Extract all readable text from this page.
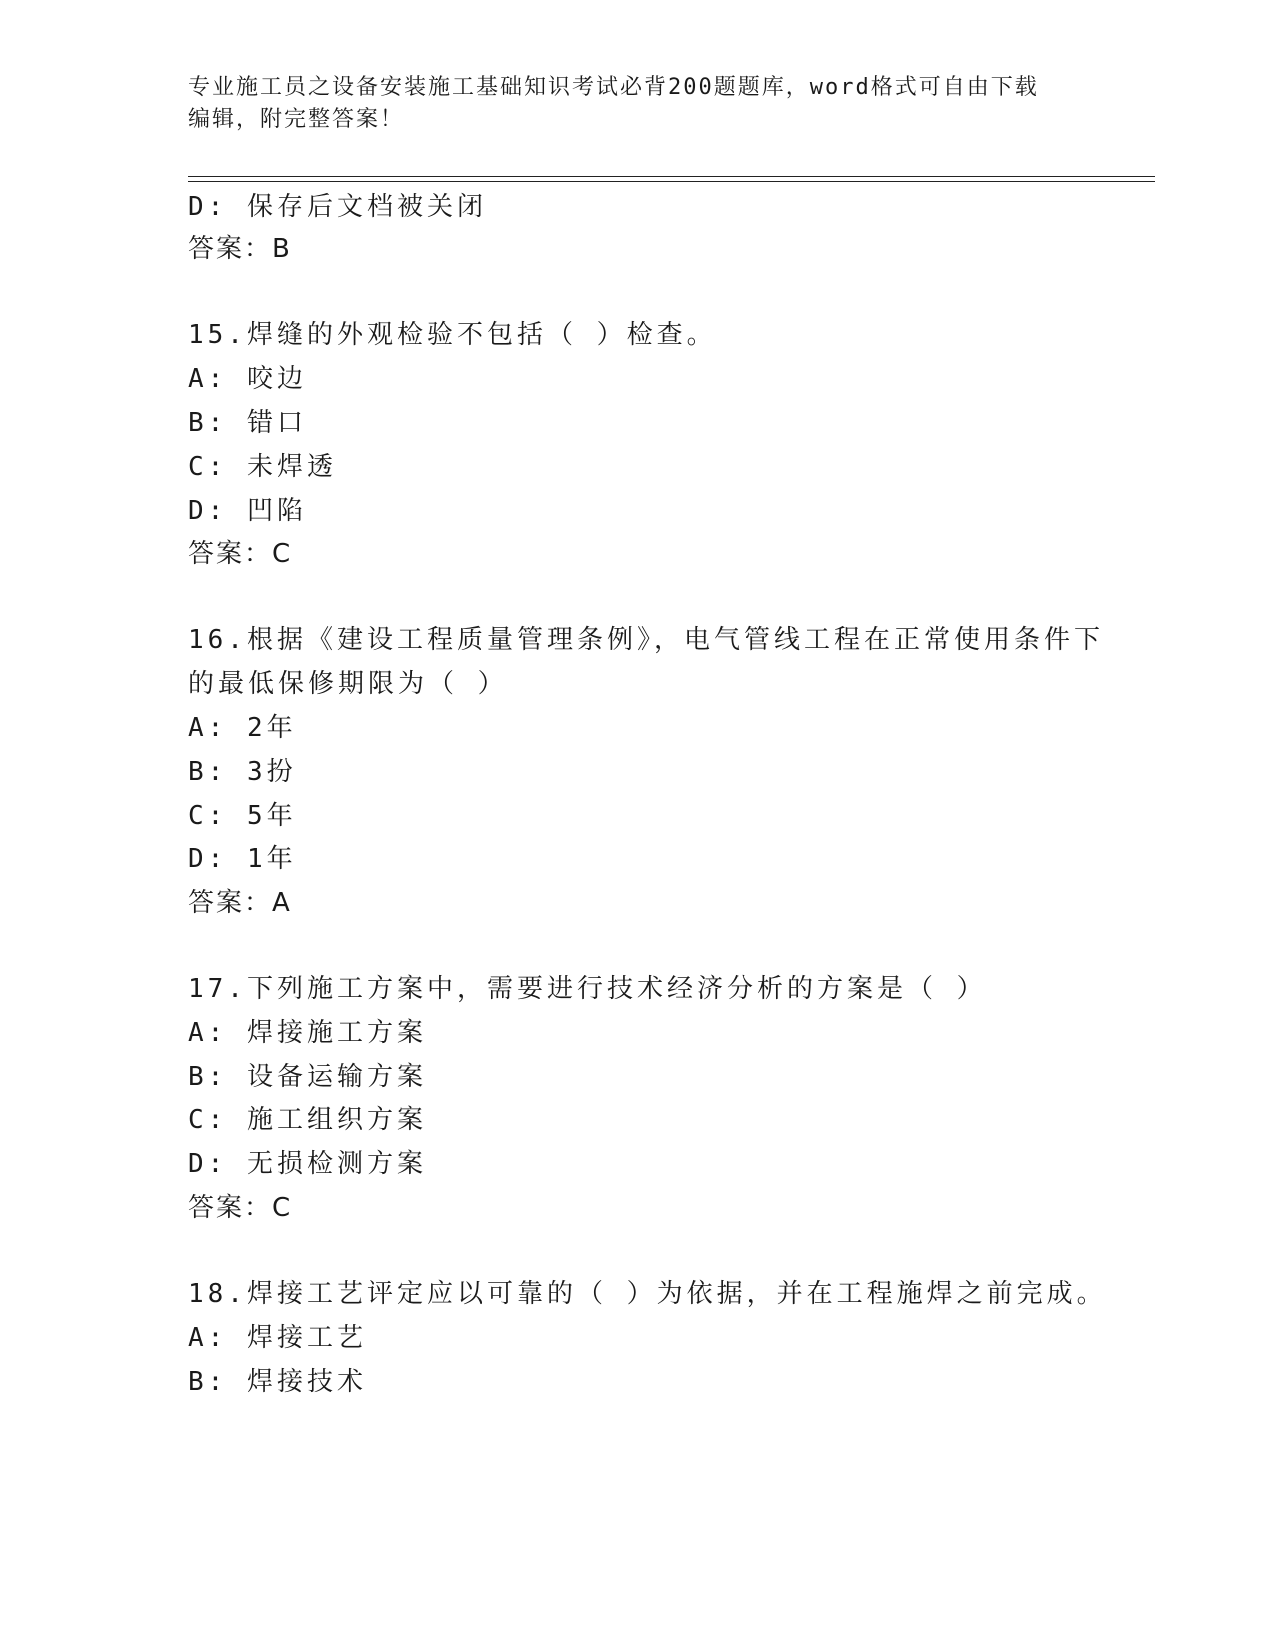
专业施工员之设备安装施工基础知识考试必背200题题库，word格式可自由下载
编辑，附完整答案！
D: 保存后文档被关闭
答案：B
15.焊缝的外观检验不包括（ ）检查。
A: 咬边
B: 错口
C: 未焊透
D: 凹陷
答案：C
16.根据《建设工程质量管理条例》，电气管线工程在正常使用条件下
的最低保修期限为（ ）
A: 2年
B: 3扮
C: 5年
D: 1年
答案：A
17.下列施工方案中，需要进行技术经济分析的方案是（ ）
A: 焊接施工方案
B: 设备运输方案
C: 施工组织方案
D: 无损检测方案
答案：C
18.焊接工艺评定应以可靠的（ ）为依据，并在工程施焊之前完成。
A: 焊接工艺
B: 焊接技术
